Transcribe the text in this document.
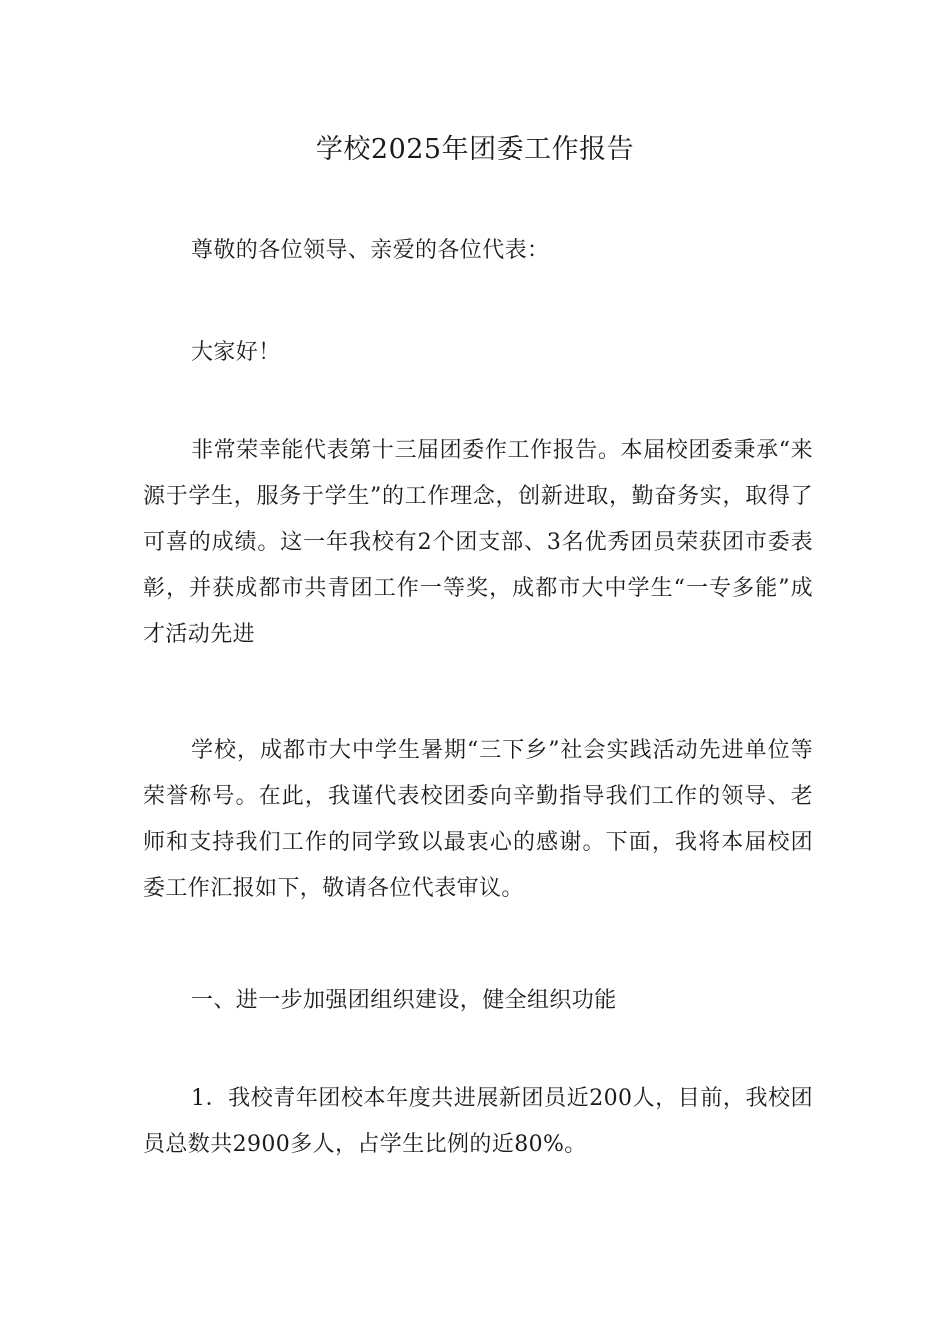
学校2025年团委工作报告

尊敬的各位领导、亲爱的各位代表：

大家好！

非常荣幸能代表第十三届团委作工作报告。本届校团委秉承“来源于学生，服务于学生”的工作理念，创新进取，勤奋务实，取得了可喜的成绩。这一年我校有2个团支部、3名优秀团员荣获团市委表彰，并获成都市共青团工作一等奖，成都市大中学生“一专多能”成才活动先进

学校，成都市大中学生暑期“三下乡”社会实践活动先进单位等荣誉称号。在此，我谨代表校团委向辛勤指导我们工作的领导、老师和支持我们工作的同学致以最衷心的感谢。下面，我将本届校团委工作汇报如下，敬请各位代表审议。

一、进一步加强团组织建设，健全组织功能

1．我校青年团校本年度共进展新团员近200人，目前，我校团员总数共2900多人，占学生比例的近80%。
